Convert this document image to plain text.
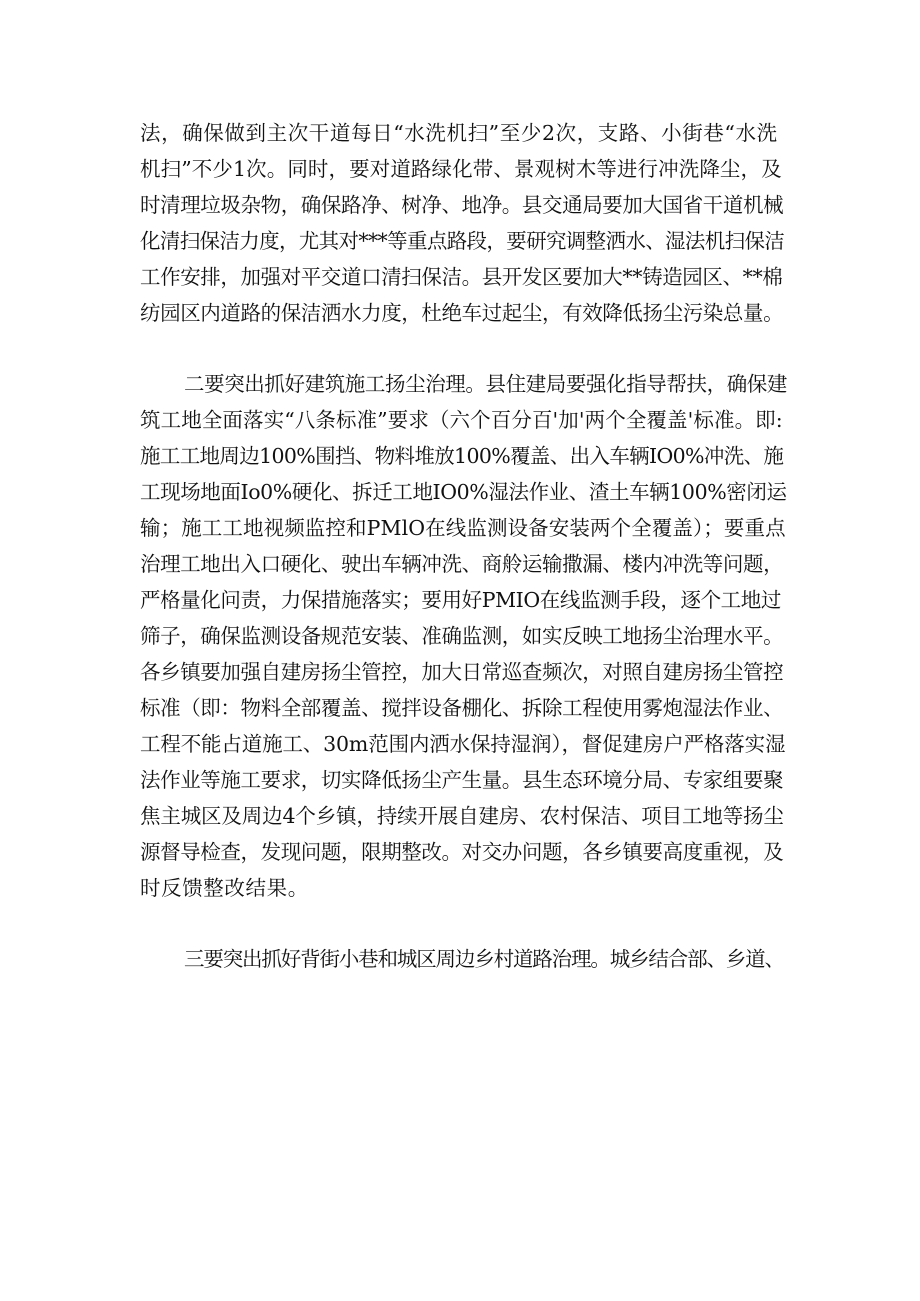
法，确保做到主次干道每日“水洗机扫”至少2次，支路、小街巷“水洗
机扫”不少1次。同时，要对道路绿化带、景观树木等进行冲洗降尘，及
时清理垃圾杂物，确保路净、树净、地净。县交通局要加大国省干道机械
化清扫保洁力度，尤其对***等重点路段，要研究调整洒水、湿法机扫保洁
工作安排，加强对平交道口清扫保洁。县开发区要加大**铸造园区、**棉
纺园区内道路的保洁洒水力度，杜绝车过起尘，有效降低扬尘污染总量。
二要突出抓好建筑施工扬尘治理。县住建局要强化指导帮扶，确保建
筑工地全面落实“八条标准”要求（六个百分百'加'两个全覆盖'标准。即:
施工工地周边100%围挡、物料堆放100%覆盖、出入车辆IO0%冲洗、施
工现场地面Io0%硬化、拆迁工地IO0%湿法作业、渣土车辆100%密闭运
输；施工工地视频监控和PMlO在线监测设备安装两个全覆盖）；要重点
治理工地出入口硬化、驶出车辆冲洗、商舲运输撒漏、楼内冲洗等问题，
严格量化问责，力保措施落实；要用好PMIO在线监测手段，逐个工地过
筛子，确保监测设备规范安装、准确监测，如实反映工地扬尘治理水平。
各乡镇要加强自建房扬尘管控，加大日常巡查频次，对照自建房扬尘管控
标准（即：物料全部覆盖、搅拌设备棚化、拆除工程使用雾炮湿法作业、
工程不能占道施工、30m范围内洒水保持湿润），督促建房户严格落实湿
法作业等施工要求，切实降低扬尘产生量。县生态环境分局、专家组要聚
焦主城区及周边4个乡镇，持续开展自建房、农村保洁、项目工地等扬尘
源督导检查，发现问题，限期整改。对交办问题，各乡镇要高度重视，及
时反馈整改结果。
三要突出抓好背街小巷和城区周边乡村道路治理。城乡结合部、乡道、
